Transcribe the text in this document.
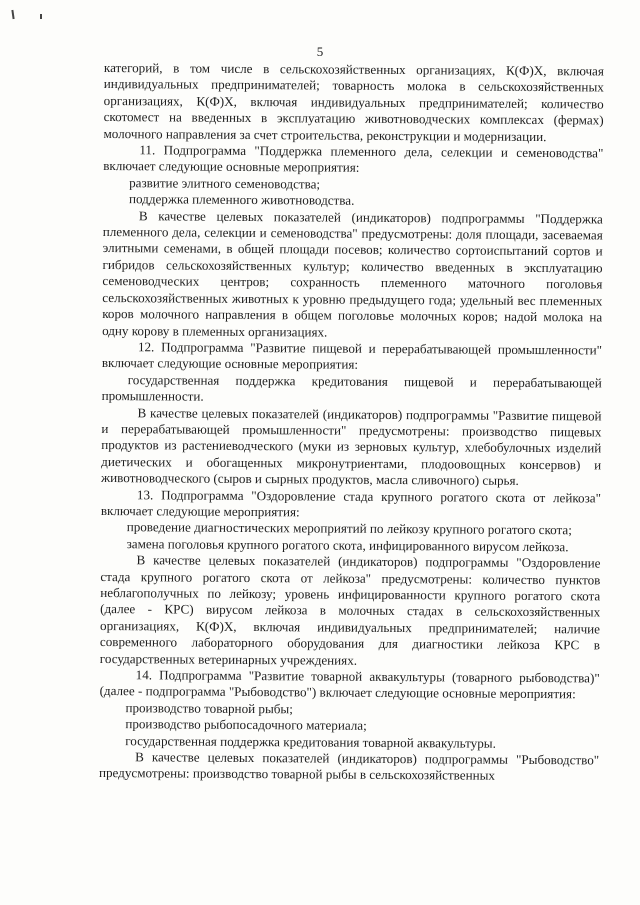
5

категорий, в том числе в сельскохозяйственных организациях, К(Ф)Х, включая индивидуальных предпринимателей; товарность молока в сельскохозяйственных организациях, К(Ф)Х, включая индивидуальных предпринимателей; количество скотомест на введенных в эксплуатацию животноводческих комплексах (фермах) молочного направления за счет строительства, реконструкции и модернизации.

11. Подпрограмма "Поддержка племенного дела, селекции и семеноводства" включает следующие основные мероприятия:

развитие элитного семеноводства;

поддержка племенного животноводства.

В качестве целевых показателей (индикаторов) подпрограммы "Поддержка племенного дела, селекции и семеноводства" предусмотрены: доля площади, засеваемая элитными семенами, в общей площади посевов; количество сортоиспытаний сортов и гибридов сельскохозяйственных культур; количество введенных в эксплуатацию семеноводческих центров; сохранность племенного маточного поголовья сельскохозяйственных животных к уровню предыдущего года; удельный вес племенных коров молочного направления в общем поголовье молочных коров; надой молока на одну корову в племенных организациях.

12. Подпрограмма "Развитие пищевой и перерабатывающей промышленности" включает следующие основные мероприятия:

государственная поддержка кредитования пищевой и перерабатывающей промышленности.

В качестве целевых показателей (индикаторов) подпрограммы "Развитие пищевой и перерабатывающей промышленности" предусмотрены: производство пищевых продуктов из растениеводческого (муки из зерновых культур, хлебобулочных изделий диетических и обогащенных микронутриентами, плодоовощных консервов) и животноводческого (сыров и сырных продуктов, масла сливочного) сырья.

13. Подпрограмма "Оздоровление стада крупного рогатого скота от лейкоза" включает следующие мероприятия:

проведение диагностических мероприятий по лейкозу крупного рогатого скота;

замена поголовья крупного рогатого скота, инфицированного вирусом лейкоза.

В качестве целевых показателей (индикаторов) подпрограммы "Оздоровление стада крупного рогатого скота от лейкоза" предусмотрены: количество пунктов неблагополучных по лейкозу; уровень инфицированности крупного рогатого скота (далее - КРС) вирусом лейкоза в молочных стадах в сельскохозяйственных организациях, К(Ф)Х, включая индивидуальных предпринимателей; наличие современного лабораторного оборудования для диагностики лейкоза КРС в государственных ветеринарных учреждениях.

14. Подпрограмма "Развитие товарной аквакультуры (товарного рыбоводства)" (далее - подпрограмма "Рыбоводство") включает следующие основные мероприятия:

производство товарной рыбы;

производство рыбопосадочного материала;

государственная поддержка кредитования товарной аквакультуры.

В качестве целевых показателей (индикаторов) подпрограммы "Рыбоводство" предусмотрены: производство товарной рыбы в сельскохозяйственных
